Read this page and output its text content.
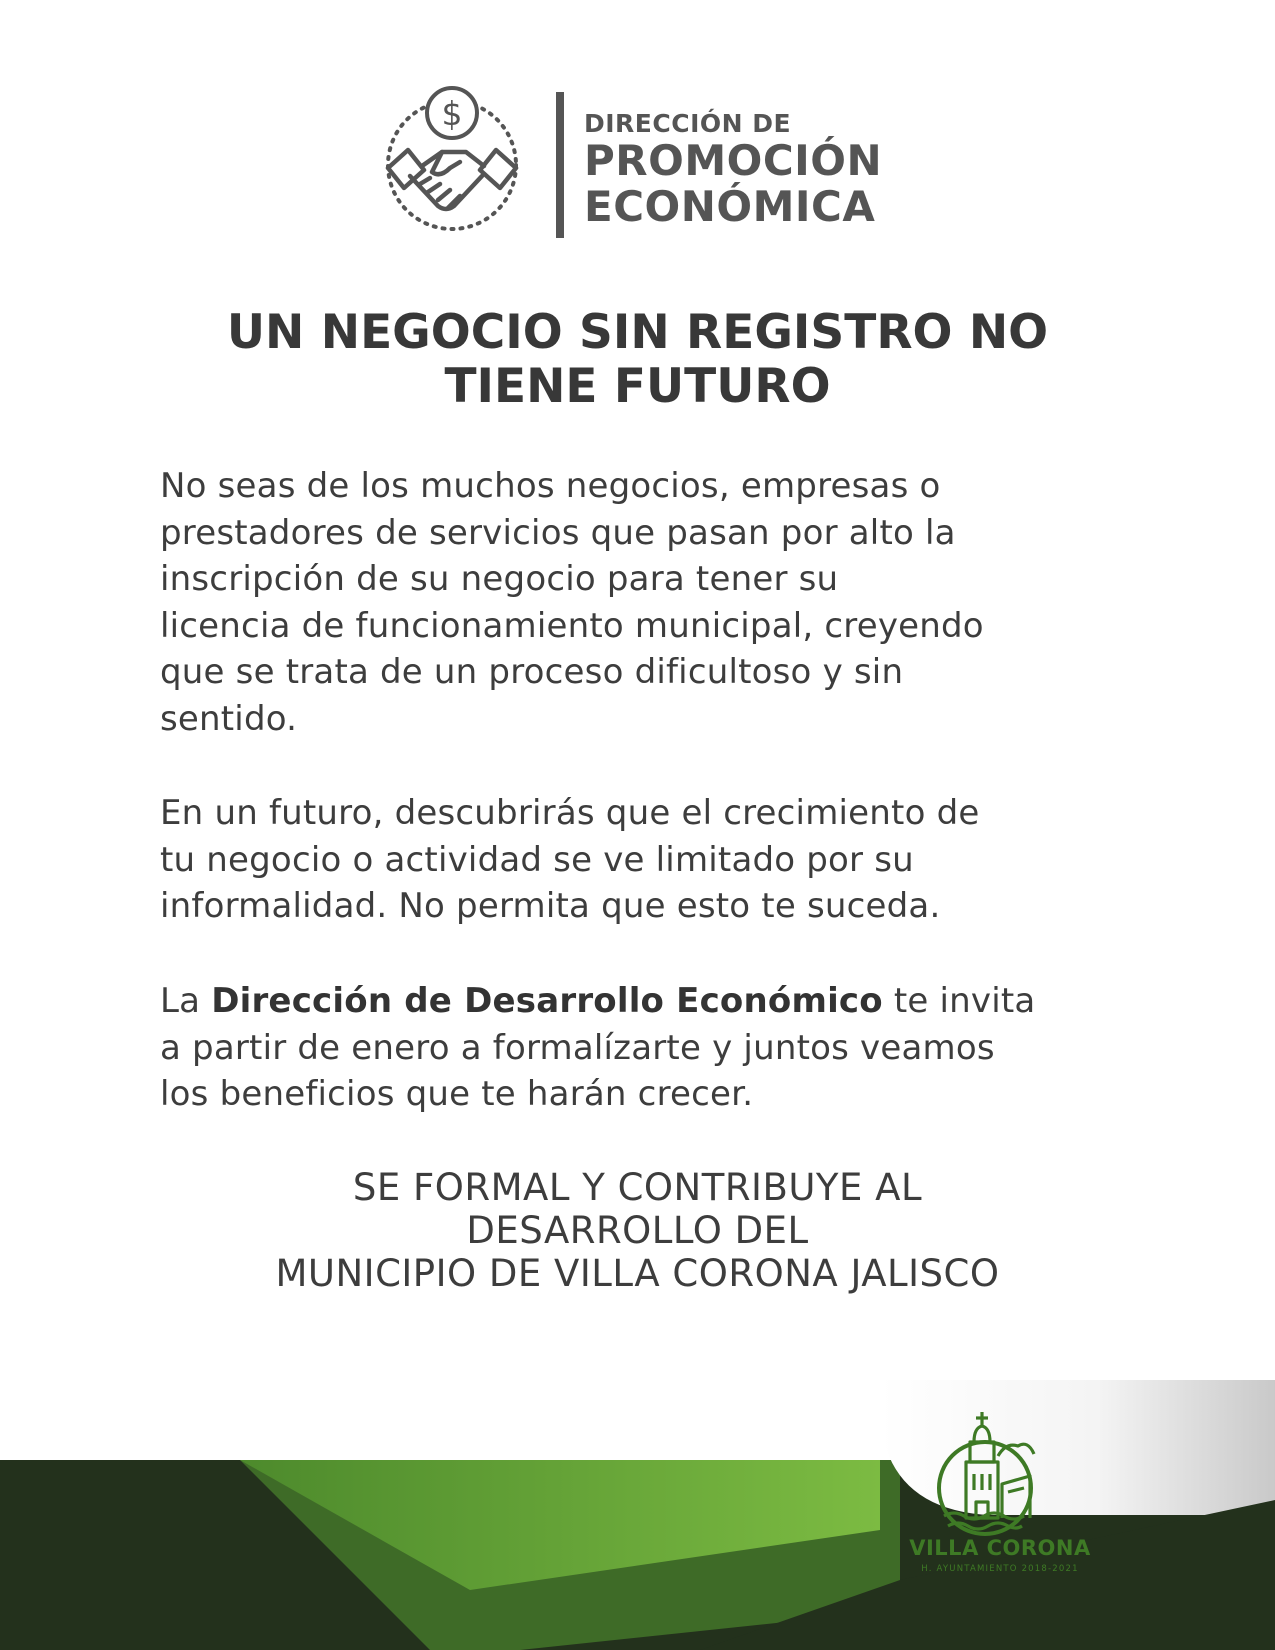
$	DIRECCIÓN DE
PROMOCIÓN
ECONÓMICA
UN NEGOCIO SIN REGISTRO NO
TIENE FUTURO

No seas de los muchos negocios, empresas o
prestadores de servicios que pasan por alto la
inscripción de su negocio para tener su
licencia de funcionamiento municipal, creyendo
que se trata de un proceso dificultoso y sin
sentido.

En un futuro, descubrirás que el crecimiento de
tu negocio o actividad se ve limitado por su
informalidad. No permita que esto te suceda.

La Dirección de Desarrollo Económico te invita
a partir de enero a formalízarte y juntos veamos
los beneficios que te harán crecer.

SE FORMAL Y CONTRIBUYE AL
DESARROLLO DEL
MUNICIPIO DE VILLA CORONA JALISCO
VILLA CORONA
H. AYUNTAMIENTO 2018-2021
